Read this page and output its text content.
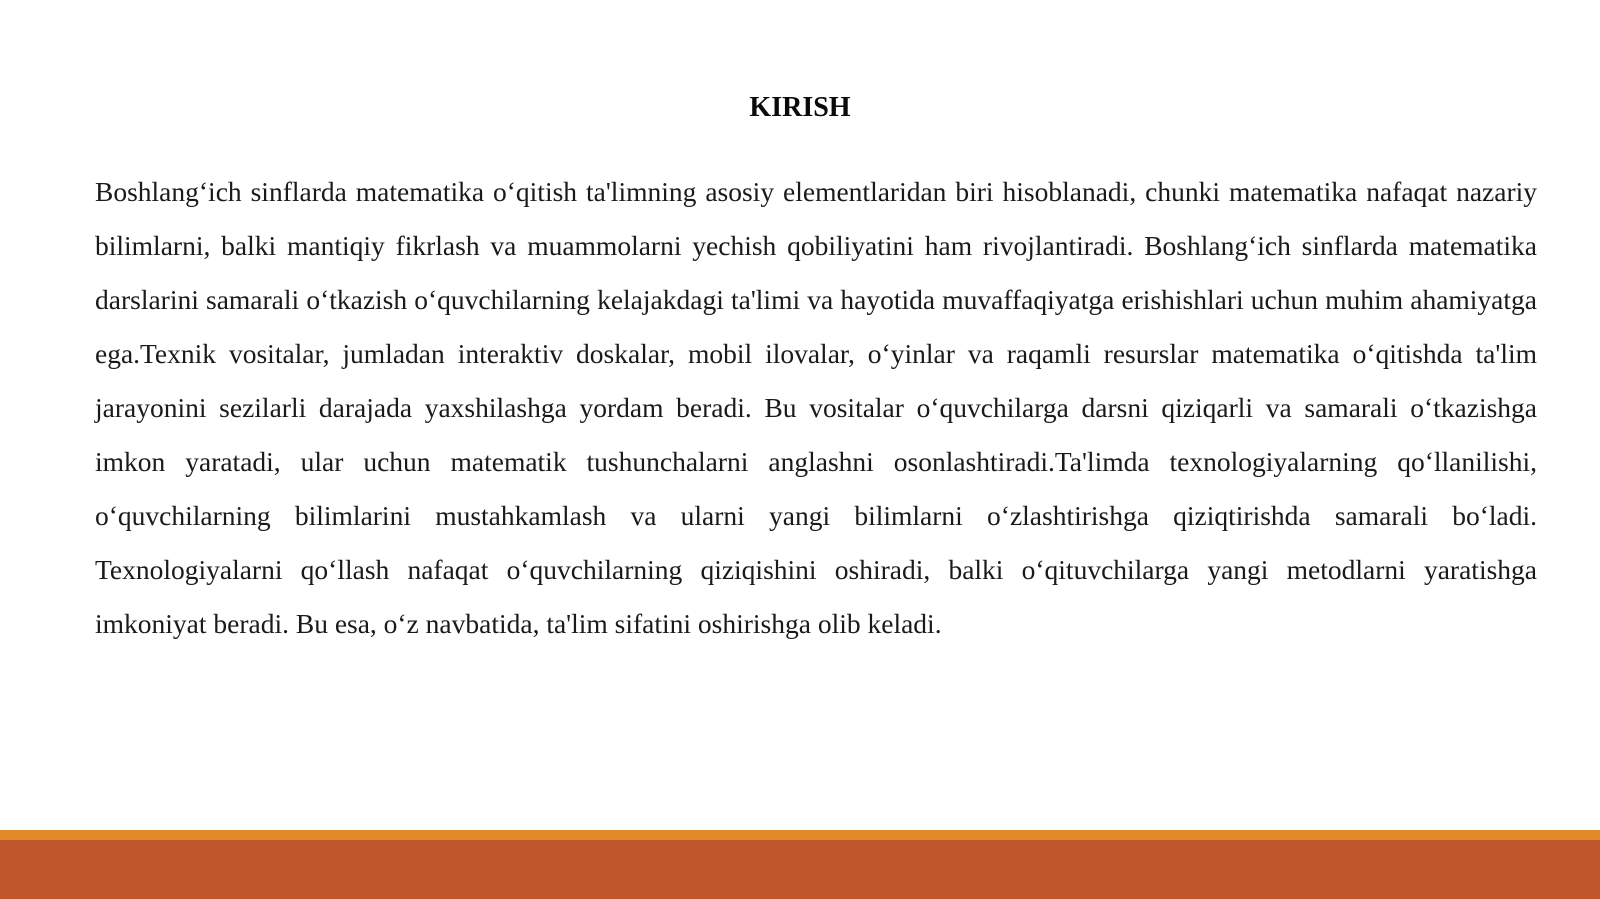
KIRISH

Boshlang‘ich sinflarda matematika o‘qitish ta'limning asosiy elementlaridan biri hisoblanadi, chunki matematika nafaqat nazariy bilimlarni, balki mantiqiy fikrlash va muammolarni yechish qobiliyatini ham rivojlantiradi. Boshlang‘ich sinflarda matematika darslarini samarali o‘tkazish o‘quvchilarning kelajakdagi ta'limi va hayotida muvaffaqiyatga erishishlari uchun muhim ahamiyatga ega.Texnik vositalar, jumladan interaktiv doskalar, mobil ilovalar, o‘yinlar va raqamli resurslar matematika o‘qitishda ta'lim jarayonini sezilarli darajada yaxshilashga yordam beradi. Bu vositalar o‘quvchilarga darsni qiziqarli va samarali o‘tkazishga imkon yaratadi, ular uchun matematik tushunchalarni anglashni osonlashtiradi.Ta'limda texnologiyalarning qo‘llanilishi, o‘quvchilarning bilimlarini mustahkamlash va ularni yangi bilimlarni o‘zlashtirishga qiziqtirishda samarali bo‘ladi. Texnologiyalarni qo‘llash nafaqat o‘quvchilarning qiziqishini oshiradi, balki o‘qituvchilarga yangi metodlarni yaratishga imkoniyat beradi. Bu esa, o‘z navbatida, ta'lim sifatini oshirishga olib keladi.
